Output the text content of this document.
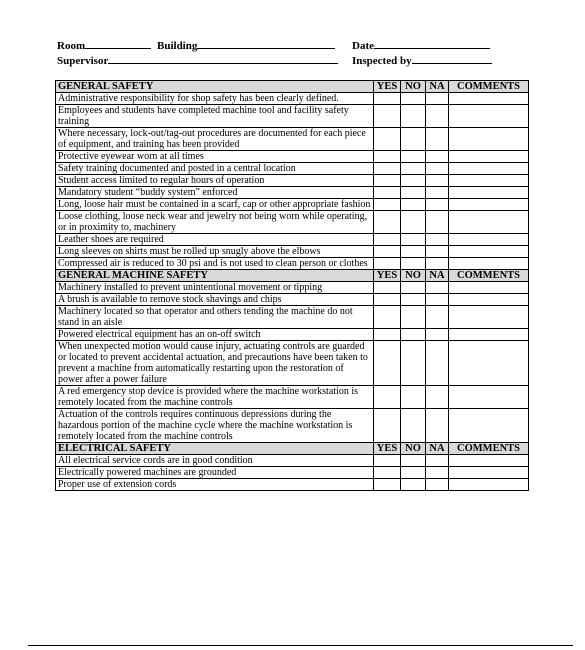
Room	Building	Date
Supervisor	Inspected by
GENERAL SAFETY	YES	NO	NA	COMMENTS
Administrative responsibility for shop safety has been clearly defined.				
Employees and students have completed machine tool and facility safety training				
Where necessary, lock-out/tag-out procedures are documented for each piece of equipment, and training has been provided				
Protective eyewear worn at all times				
Safety training documented and posted in a central location				
Student access limited to regular hours of operation				
Mandatory student “buddy system” enforced				
Long, loose hair must be contained in a scarf, cap or other appropriate fashion				
Loose clothing, loose neck wear and jewelry not being worn while operating, or in proximity to, machinery				
Leather shoes are required				
Long sleeves on shirts must be rolled up snugly above the elbows				
Compressed air is reduced to 30 psi and is not used to clean person or clothes				
GENERAL MACHINE SAFETY	YES	NO	NA	COMMENTS
Machinery installed to prevent unintentional movement or tipping				
A brush is available to remove stock shavings and chips				
Machinery located so that operator and others tending the machine do not stand in an aisle				
Powered electrical equipment has an on-off switch				
When unexpected motion would cause injury, actuating controls are guarded or located to prevent accidental actuation, and precautions have been taken to prevent a machine from automatically restarting upon the restoration of power after a power failure				
A red emergency stop device is provided where the machine workstation is remotely located from the machine controls				
Actuation of the controls requires continuous depressions during the hazardous portion of the machine cycle where the machine workstation is remotely located from the machine controls				
ELECTRICAL SAFETY	YES	NO	NA	COMMENTS
All electrical service cords are in good condition				
Electrically powered machines are grounded				
Proper use of extension cords				
